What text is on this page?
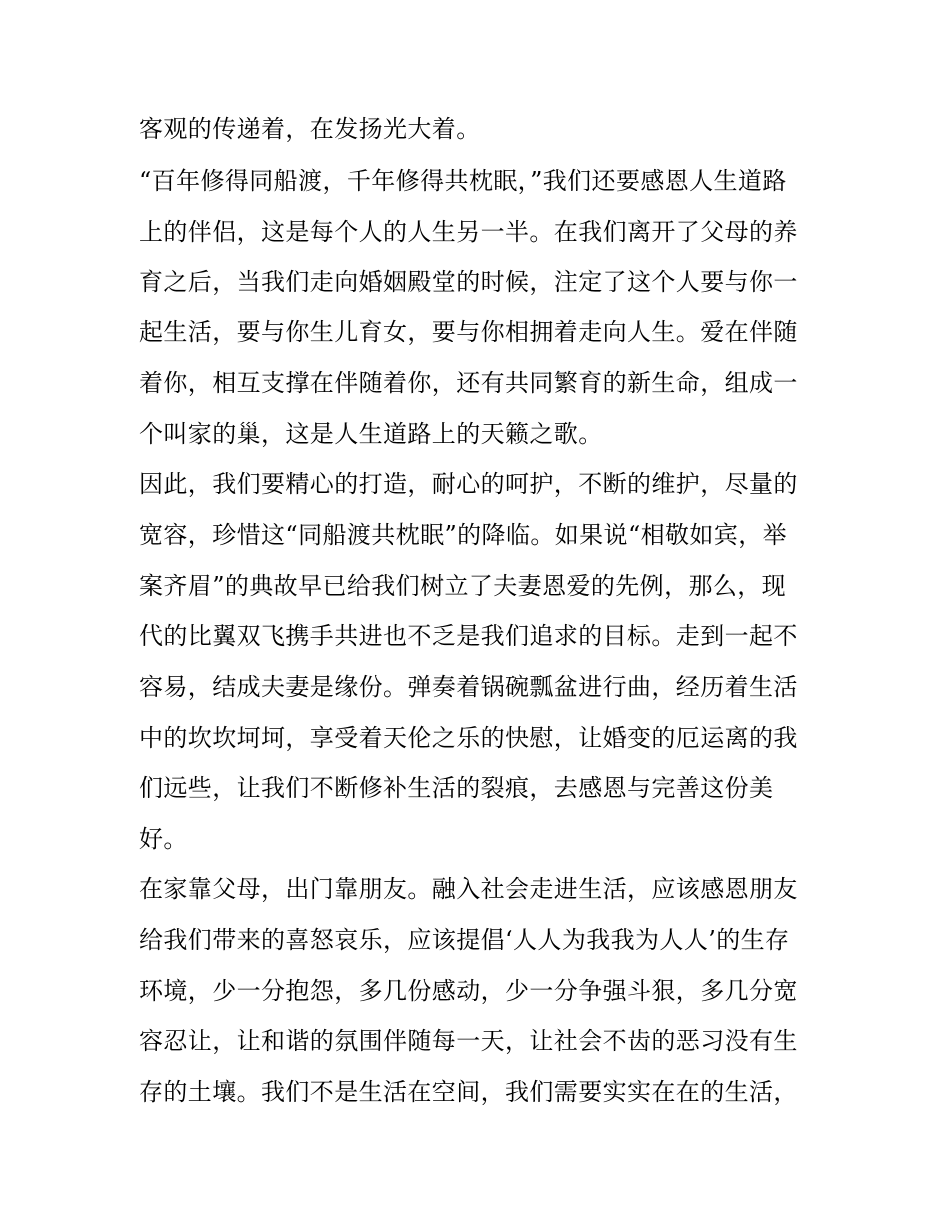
客观的传递着，在发扬光大着。

“百年修得同船渡，千年修得共枕眠，”我们还要感恩人生道路

上的伴侣，这是每个人的人生另一半。在我们离开了父母的养

育之后，当我们走向婚姻殿堂的时候，注定了这个人要与你一

起生活，要与你生儿育女，要与你相拥着走向人生。爱在伴随

着你，相互支撑在伴随着你，还有共同繁育的新生命，组成一

个叫家的巢，这是人生道路上的天籁之歌。

因此，我们要精心的打造，耐心的呵护，不断的维护，尽量的

宽容，珍惜这“同船渡共枕眠”的降临。如果说“相敬如宾，举

案齐眉”的典故早已给我们树立了夫妻恩爱的先例，那么，现

代的比翼双飞携手共进也不乏是我们追求的目标。走到一起不

容易，结成夫妻是缘份。弹奏着锅碗瓢盆进行曲，经历着生活

中的坎坎坷坷，享受着天伦之乐的快慰，让婚变的厄运离的我

们远些，让我们不断修补生活的裂痕，去感恩与完善这份美

好。

在家靠父母，出门靠朋友。融入社会走进生活，应该感恩朋友

给我们带来的喜怒哀乐，应该提倡‘人人为我我为人人’的生存

环境，少一分抱怨，多几份感动，少一分争强斗狠，多几分宽

容忍让，让和谐的氛围伴随每一天，让社会不齿的恶习没有生

存的土壤。我们不是生活在空间，我们需要实实在在的生活，
